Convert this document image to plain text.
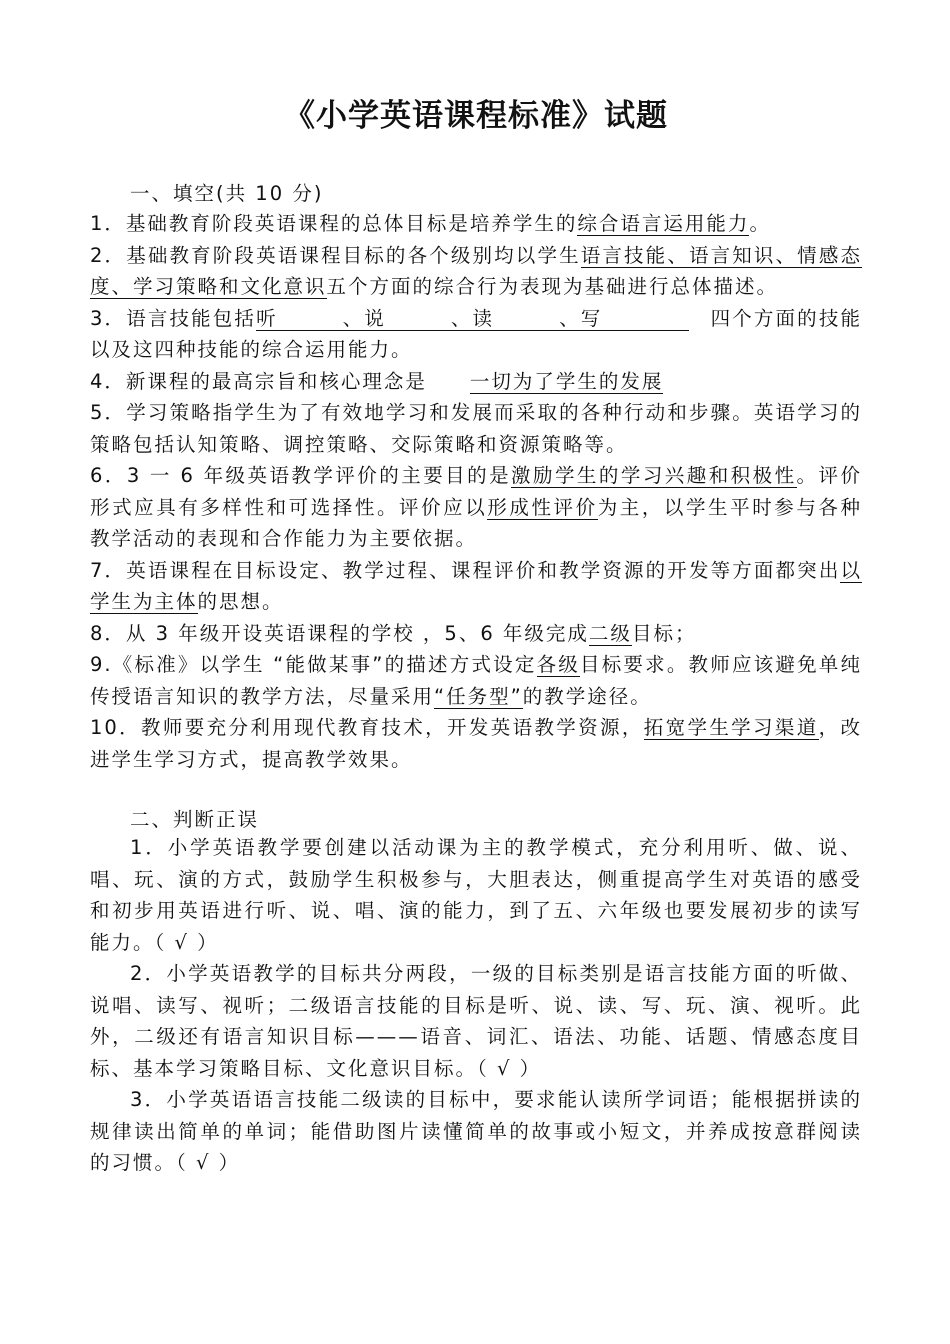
《小学英语课程标准》试题
一、填空(共 10 分)
1．基础教育阶段英语课程的总体目标是培养学生的综合语言运用能力。
2．基础教育阶段英语课程目标的各个级别均以学生语言技能、语言知识、情感态度、学习策略和文化意识五个方面的综合行为表现为基础进行总体描述。
3．语言技能包括听　　　、说　　　、读　　　、写　　　　　四个方面的技能以及这四种技能的综合运用能力。
4．新课程的最高宗旨和核心理念是　　一切为了学生的发展
5．学习策略指学生为了有效地学习和发展而采取的各种行动和步骤。英语学习的策略包括认知策略、调控策略、交际策略和资源策略等。
6．3 一 6 年级英语教学评价的主要目的是激励学生的学习兴趣和积极性。评价形式应具有多样性和可选择性。评价应以形成性评价为主，以学生平时参与各种教学活动的表现和合作能力为主要依据。
7．英语课程在目标设定、教学过程、课程评价和教学资源的开发等方面都突出以学生为主体的思想。
8．从 3 年级开设英语课程的学校 ，5、6 年级完成二级目标；
9.《标准》以学生 “能做某事”的描述方式设定各级目标要求。教师应该避免单纯传授语言知识的教学方法，尽量采用“任务型”的教学途径。
10．教师要充分利用现代教育技术，开发英语教学资源，拓宽学生学习渠道，改进学生学习方式，提高教学效果。
二、判断正误
1．小学英语教学要创建以活动课为主的教学模式，充分利用听、做、说、唱、玩、演的方式，鼓励学生积极参与，大胆表达，侧重提高学生对英语的感受和初步用英语进行听、说、唱、演的能力，到了五、六年级也要发展初步的读写能力。（ √ ）
2．小学英语教学的目标共分两段，一级的目标类别是语言技能方面的听做、说唱、读写、视听；二级语言技能的目标是听、说、读、写、玩、演、视听。此外，二级还有语言知识目标———语音、词汇、语法、功能、话题、情感态度目标、基本学习策略目标、文化意识目标。（ √ ）
3．小学英语语言技能二级读的目标中，要求能认读所学词语；能根据拼读的规律读出简单的单词；能借助图片读懂简单的故事或小短文，并养成按意群阅读的习惯。（ √ ）
